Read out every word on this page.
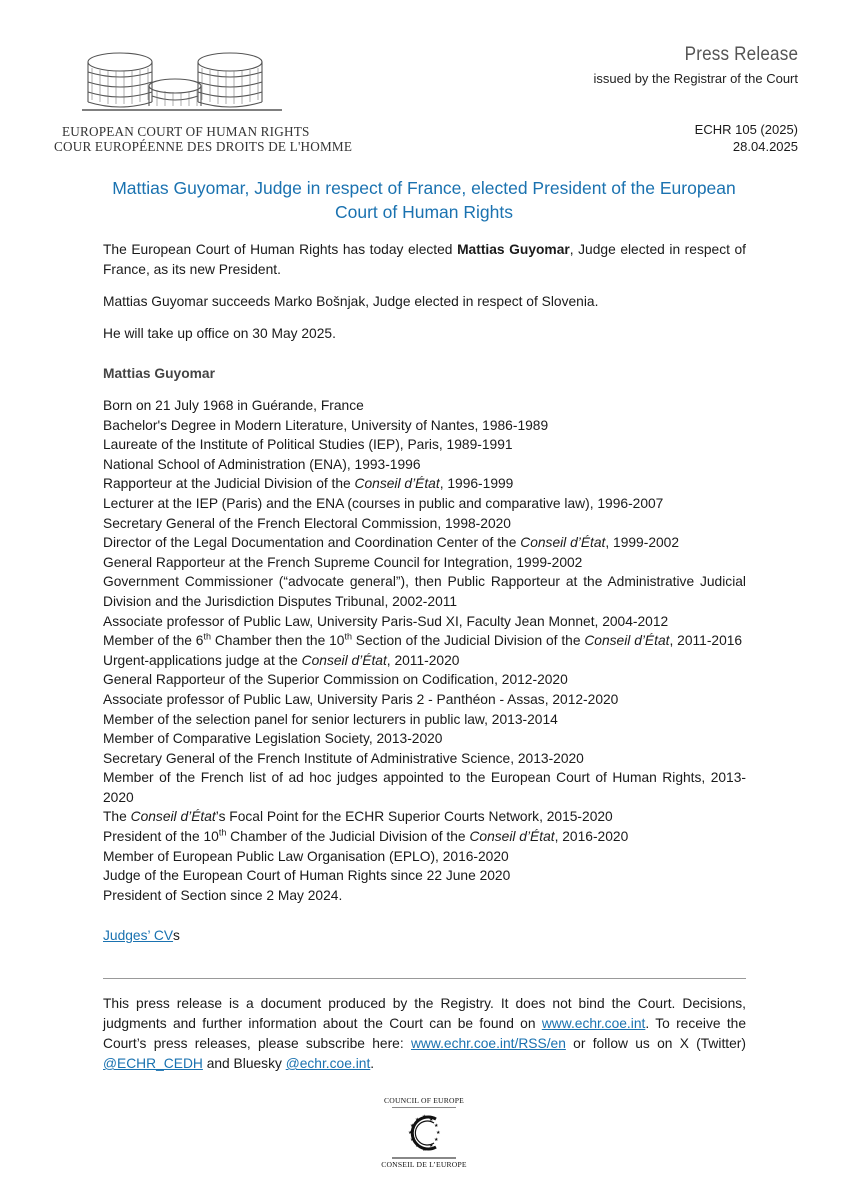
EUROPEAN COURT OF HUMAN RIGHTS
COUR EUROPÉENNE DES DROITS DE L'HOMME
Press Release
issued by the Registrar of the Court
ECHR 105 (2025)
28.04.2025
Mattias Guyomar, Judge in respect of France, elected President of the European Court of Human Rights

The European Court of Human Rights has today elected Mattias Guyomar, Judge elected in respect of France, as its new President.

Mattias Guyomar succeeds Marko Bošnjak, Judge elected in respect of Slovenia.

He will take up office on 30 May 2025.

Mattias Guyomar
Born on 21 July 1968 in Guérande, France
Bachelor's Degree in Modern Literature, University of Nantes, 1986-1989
Laureate of the Institute of Political Studies (IEP), Paris, 1989-1991
National School of Administration (ENA), 1993-1996
Rapporteur at the Judicial Division of the Conseil d’État, 1996-1999
Lecturer at the IEP (Paris) and the ENA (courses in public and comparative law), 1996-2007
Secretary General of the French Electoral Commission, 1998-2020
Director of the Legal Documentation and Coordination Center of the Conseil d’État, 1999-2002
General Rapporteur at the French Supreme Council for Integration, 1999-2002
Government Commissioner (“advocate general”), then Public Rapporteur at the Administrative Judicial Division and the Jurisdiction Disputes Tribunal, 2002-2011
Associate professor of Public Law, University Paris-Sud XI, Faculty Jean Monnet, 2004-2012
Member of the 6th Chamber then the 10th Section of the Judicial Division of the Conseil d’État, 2011-2016
Urgent-applications judge at the Conseil d’État, 2011-2020
General Rapporteur of the Superior Commission on Codification, 2012-2020
Associate professor of Public Law, University Paris 2 - Panthéon - Assas, 2012-2020
Member of the selection panel for senior lecturers in public law, 2013-2014
Member of Comparative Legislation Society, 2013-2020
Secretary General of the French Institute of Administrative Science, 2013-2020
Member of the French list of ad hoc judges appointed to the European Court of Human Rights, 2013-2020
The Conseil d’État’s Focal Point for the ECHR Superior Courts Network, 2015-2020
President of the 10th Chamber of the Judicial Division of the Conseil d’État, 2016-2020
Member of European Public Law Organisation (EPLO), 2016-2020
Judge of the European Court of Human Rights since 22 June 2020
President of Section since 2 May 2024.
Judges’ CVs
This press release is a document produced by the Registry. It does not bind the Court. Decisions, judgments and further information about the Court can be found on www.echr.coe.int. To receive the Court’s press releases, please subscribe here: www.echr.coe.int/RSS/en or follow us on X (Twitter) @ECHR_CEDH and Bluesky @echr.coe.int.
COUNCIL OF EUROPE
★ ★
★
★
★
★
★
★
★
★
★
★
CONSEIL DE L’EUROPE
